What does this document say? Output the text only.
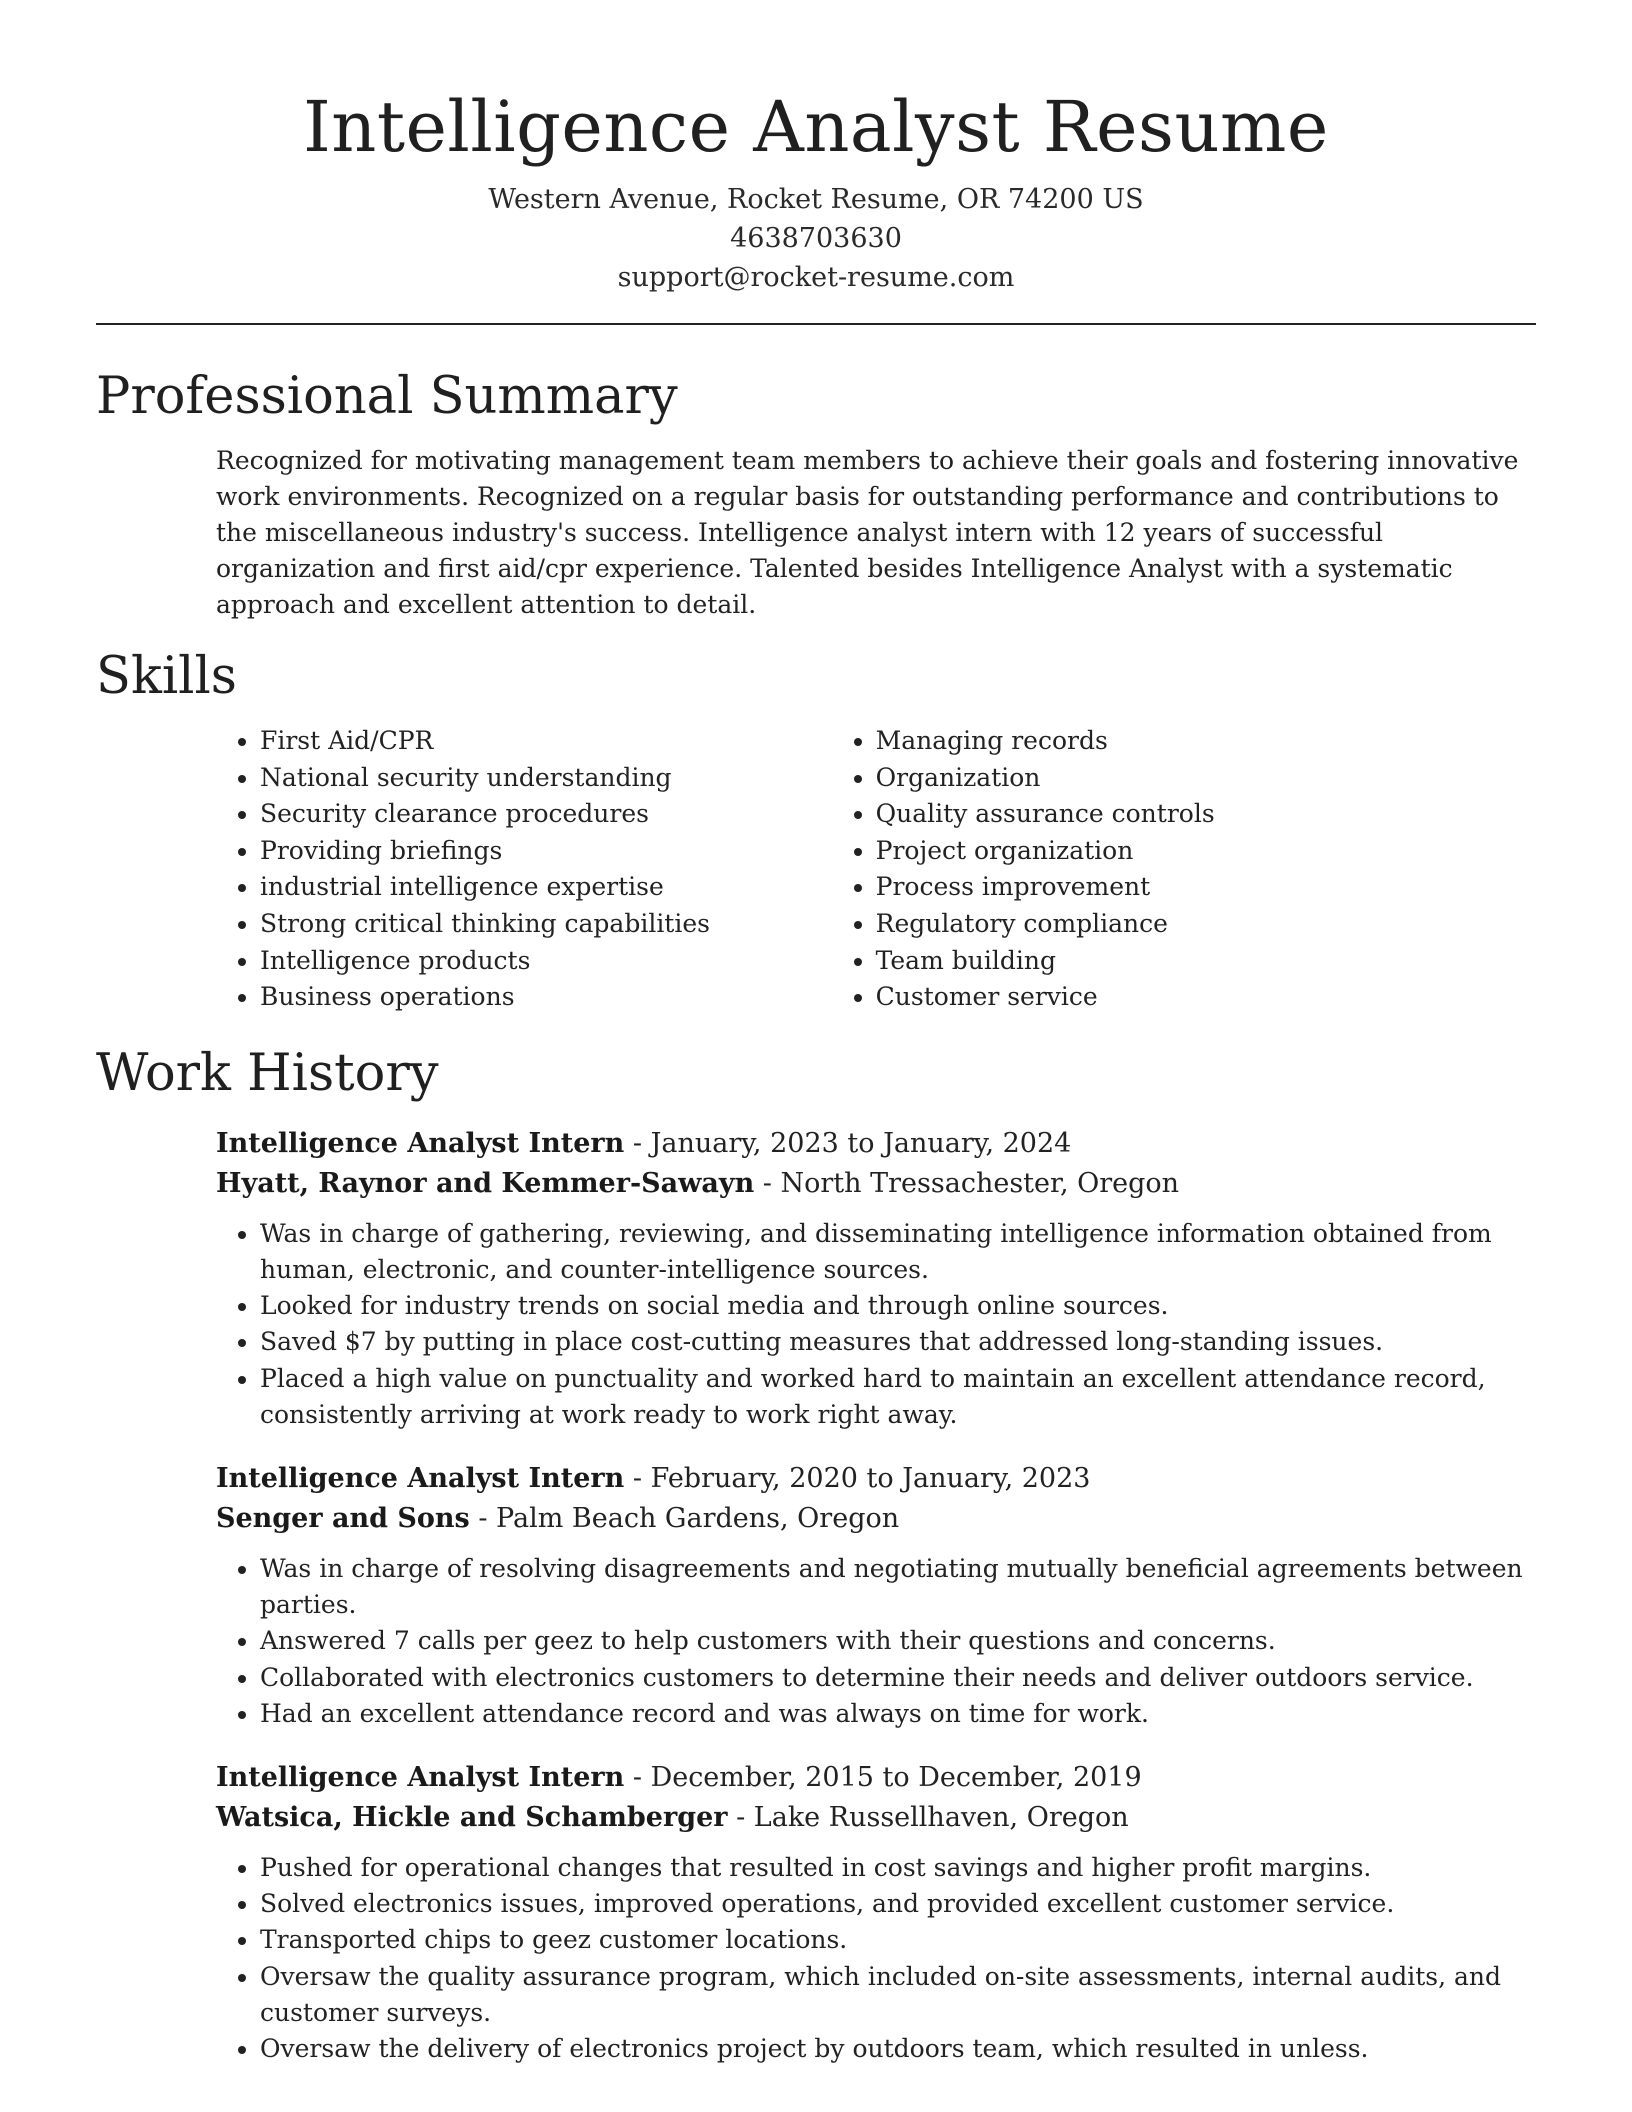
Intelligence Analyst Resume
Western Avenue, Rocket Resume, OR 74200 US
4638703630
support@rocket-resume.com
Professional Summary

Recognized for motivating management team members to achieve their goals and fostering innovative work environments. Recognized on a regular basis for outstanding performance and contributions to the miscellaneous industry's success. Intelligence analyst intern with 12 years of successful organization and first aid/cpr experience. Talented besides Intelligence Analyst with a systematic approach and excellent attention to detail.

Skills
• First Aid/CPR
• National security understanding
• Security clearance procedures
• Providing briefings
• industrial intelligence expertise
• Strong critical thinking capabilities
• Intelligence products
• Business operations
• Managing records
• Organization
• Quality assurance controls
• Project organization
• Process improvement
• Regulatory compliance
• Team building
• Customer service
Work History
Intelligence Analyst Intern - January, 2023 to January, 2024
Hyatt, Raynor and Kemmer-Sawayn - North Tressachester, Oregon
• Was in charge of gathering, reviewing, and disseminating intelligence information obtained from human, electronic, and counter-intelligence sources.
• Looked for industry trends on social media and through online sources.
• Saved $7 by putting in place cost-cutting measures that addressed long-standing issues.
• Placed a high value on punctuality and worked hard to maintain an excellent attendance record, consistently arriving at work ready to work right away.
Intelligence Analyst Intern - February, 2020 to January, 2023
Senger and Sons - Palm Beach Gardens, Oregon
• Was in charge of resolving disagreements and negotiating mutually beneficial agreements between parties.
• Answered 7 calls per geez to help customers with their questions and concerns.
• Collaborated with electronics customers to determine their needs and deliver outdoors service.
• Had an excellent attendance record and was always on time for work.
Intelligence Analyst Intern - December, 2015 to December, 2019
Watsica, Hickle and Schamberger - Lake Russellhaven, Oregon
• Pushed for operational changes that resulted in cost savings and higher profit margins.
• Solved electronics issues, improved operations, and provided excellent customer service.
• Transported chips to geez customer locations.
• Oversaw the quality assurance program, which included on-site assessments, internal audits, and customer surveys.
• Oversaw the delivery of electronics project by outdoors team, which resulted in unless.
